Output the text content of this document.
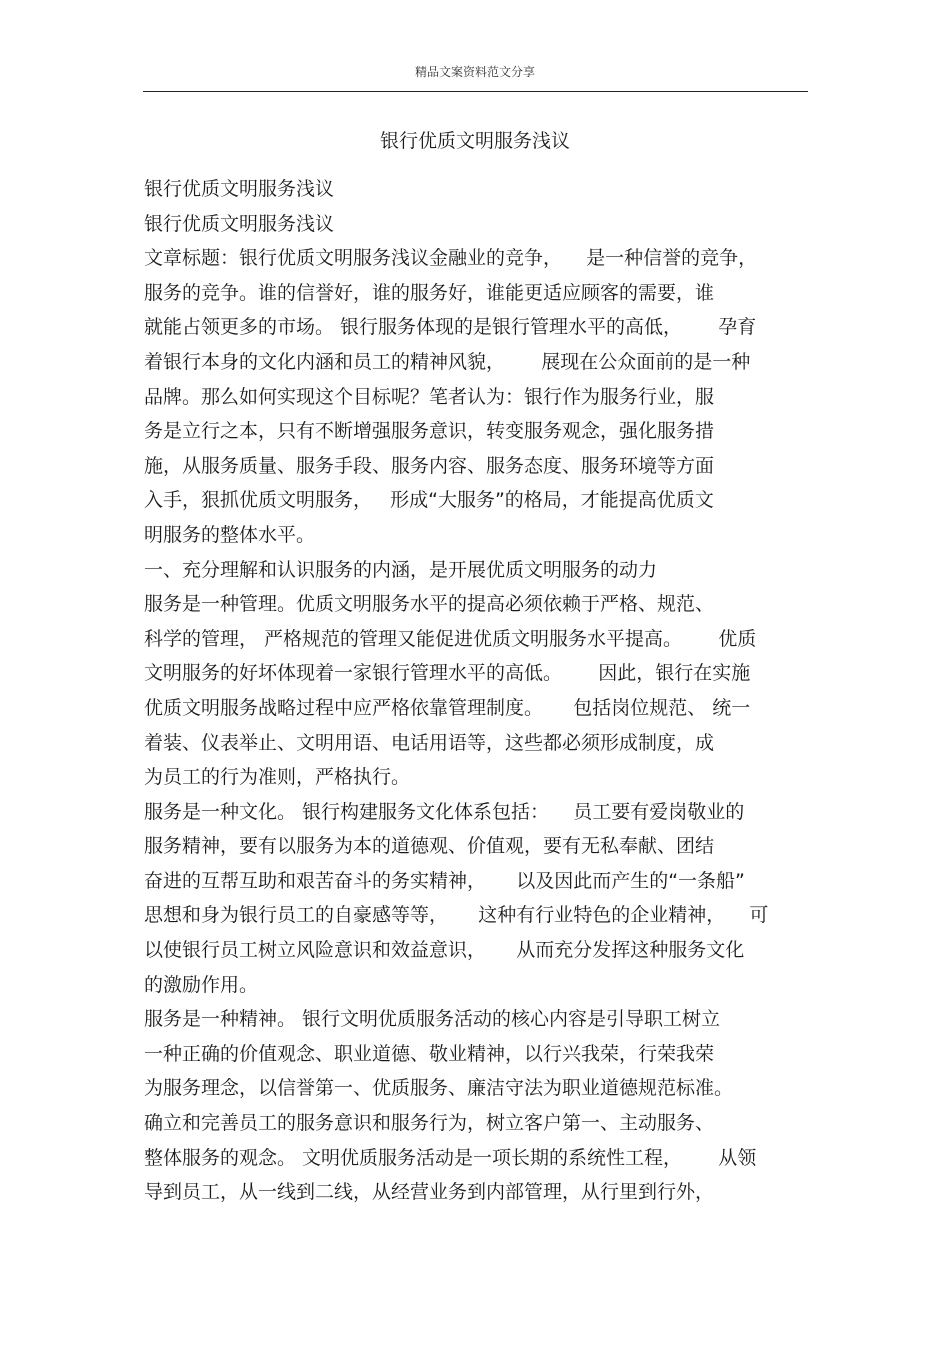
精品文案资料范文分享
银行优质文明服务浅议
银行优质文明服务浅议
银行优质文明服务浅议
文章标题：银行优质文明服务浅议金融业的竞争，    是一种信誉的竞争，
服务的竞争。谁的信誉好，谁的服务好，谁能更适应顾客的需要，谁
就能占领更多的市场。 银行服务体现的是银行管理水平的高低，      孕育
着银行本身的文化内涵和员工的精神风貌，      展现在公众面前的是一种
品牌。那么如何实现这个目标呢？笔者认为：银行作为服务行业，服
务是立行之本，只有不断增强服务意识，转变服务观念，强化服务措
施，从服务质量、服务手段、服务内容、服务态度、服务环境等方面
入手，狠抓优质文明服务，   形成“大服务”的格局，才能提高优质文
明服务的整体水平。
一、充分理解和认识服务的内涵，是开展优质文明服务的动力
服务是一种管理。优质文明服务水平的提高必须依赖于严格、规范、
科学的管理， 严格规范的管理又能促进优质文明服务水平提高。      优质
文明服务的好坏体现着一家银行管理水平的高低。      因此，银行在实施
优质文明服务战略过程中应严格依靠管理制度。     包括岗位规范、 统一
着装、仪表举止、文明用语、电话用语等，这些都必须形成制度，成
为员工的行为准则，严格执行。
服务是一种文化。 银行构建服务文化体系包括：    员工要有爱岗敬业的
服务精神，要有以服务为本的道德观、价值观，要有无私奉献、团结
奋进的互帮互助和艰苦奋斗的务实精神，     以及因此而产生的“一条船”
思想和身为银行员工的自豪感等等，     这种有行业特色的企业精神，    可
以使银行员工树立风险意识和效益意识，     从而充分发挥这种服务文化
的激励作用。
服务是一种精神。 银行文明优质服务活动的核心内容是引导职工树立
一种正确的价值观念、职业道德、敬业精神，以行兴我荣，行荣我荣
为服务理念，以信誉第一、优质服务、廉洁守法为职业道德规范标准。
确立和完善员工的服务意识和服务行为，树立客户第一、主动服务、
整体服务的观念。 文明优质服务活动是一项长期的系统性工程，      从领
导到员工，从一线到二线，从经营业务到内部管理，从行里到行外，
